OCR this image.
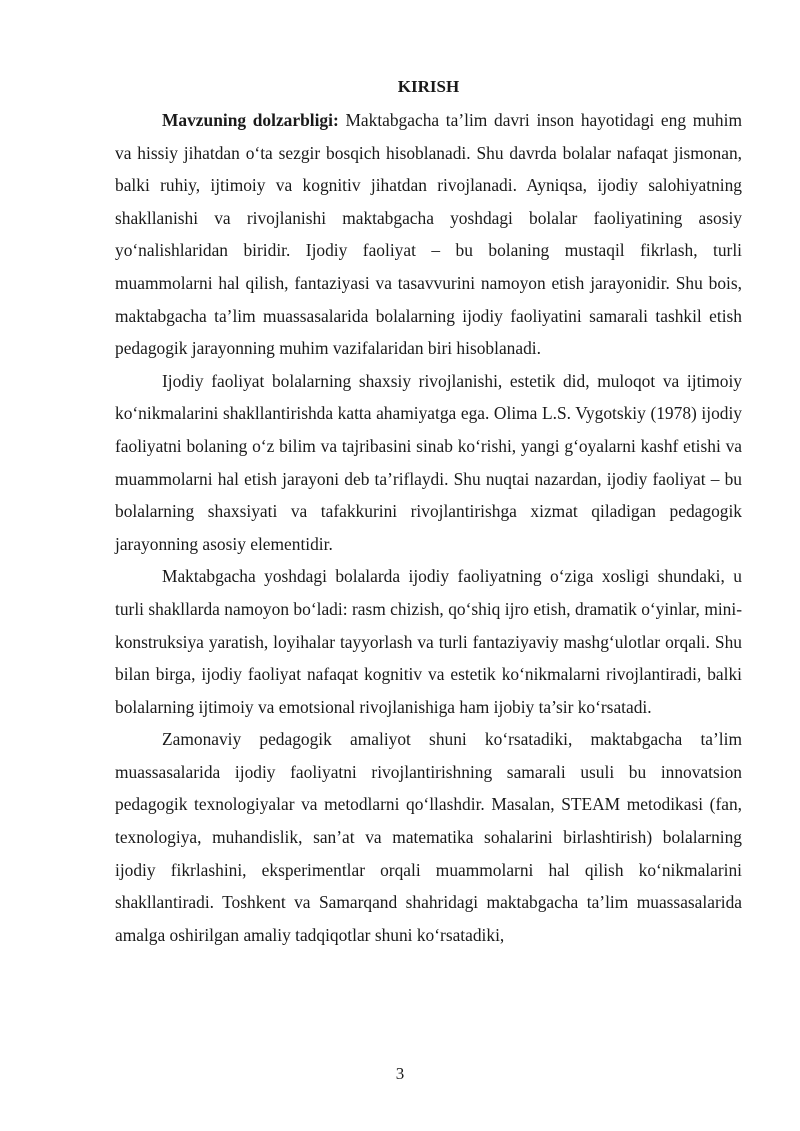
KIRISH

Mavzuning dolzarbligi: Maktabgacha ta’lim davri inson hayotidagi eng muhim va hissiy jihatdan o‘ta sezgir bosqich hisoblanadi. Shu davrda bolalar nafaqat jismonan, balki ruhiy, ijtimoiy va kognitiv jihatdan rivojlanadi. Ayniqsa, ijodiy salohiyatning shakllanishi va rivojlanishi maktabgacha yoshdagi bolalar faoliyatining asosiy yo‘nalishlaridan biridir. Ijodiy faoliyat – bu bolaning mustaqil fikrlash, turli muammolarni hal qilish, fantaziyasi va tasavvurini namoyon etish jarayonidir. Shu bois, maktabgacha ta’lim muassasalarida bolalarning ijodiy faoliyatini samarali tashkil etish pedagogik jarayonning muhim vazifalaridan biri hisoblanadi.

Ijodiy faoliyat bolalarning shaxsiy rivojlanishi, estetik did, muloqot va ijtimoiy ko‘nikmalarini shakllantirishda katta ahamiyatga ega. Olima L.S. Vygotskiy (1978) ijodiy faoliyatni bolaning o‘z bilim va tajribasini sinab ko‘rishi, yangi g‘oyalarni kashf etishi va muammolarni hal etish jarayoni deb ta’riflaydi. Shu nuqtai nazardan, ijodiy faoliyat – bu bolalarning shaxsiyati va tafakkurini rivojlantirishga xizmat qiladigan pedagogik jarayonning asosiy elementidir.

Maktabgacha yoshdagi bolalarda ijodiy faoliyatning o‘ziga xosligi shundaki, u turli shakllarda namoyon bo‘ladi: rasm chizish, qo‘shiq ijro etish, dramatik o‘yinlar, mini-konstruksiya yaratish, loyihalar tayyorlash va turli fantaziyaviy mashg‘ulotlar orqali. Shu bilan birga, ijodiy faoliyat nafaqat kognitiv va estetik ko‘nikmalarni rivojlantiradi, balki bolalarning ijtimoiy va emotsional rivojlanishiga ham ijobiy ta’sir ko‘rsatadi.

Zamonaviy pedagogik amaliyot shuni ko‘rsatadiki, maktabgacha ta’lim muassasalarida ijodiy faoliyatni rivojlantirishning samarali usuli bu innovatsion pedagogik texnologiyalar va metodlarni qo‘llashdir. Masalan, STEAM metodikasi (fan, texnologiya, muhandislik, san’at va matematika sohalarini birlashtirish) bolalarning ijodiy fikrlashini, eksperimentlar orqali muammolarni hal qilish ko‘nikmalarini shakllantiradi. Toshkent va Samarqand shahridagi maktabgacha ta’lim muassasalarida amalga oshirilgan amaliy tadqiqotlar shuni ko‘rsatadiki,

3
